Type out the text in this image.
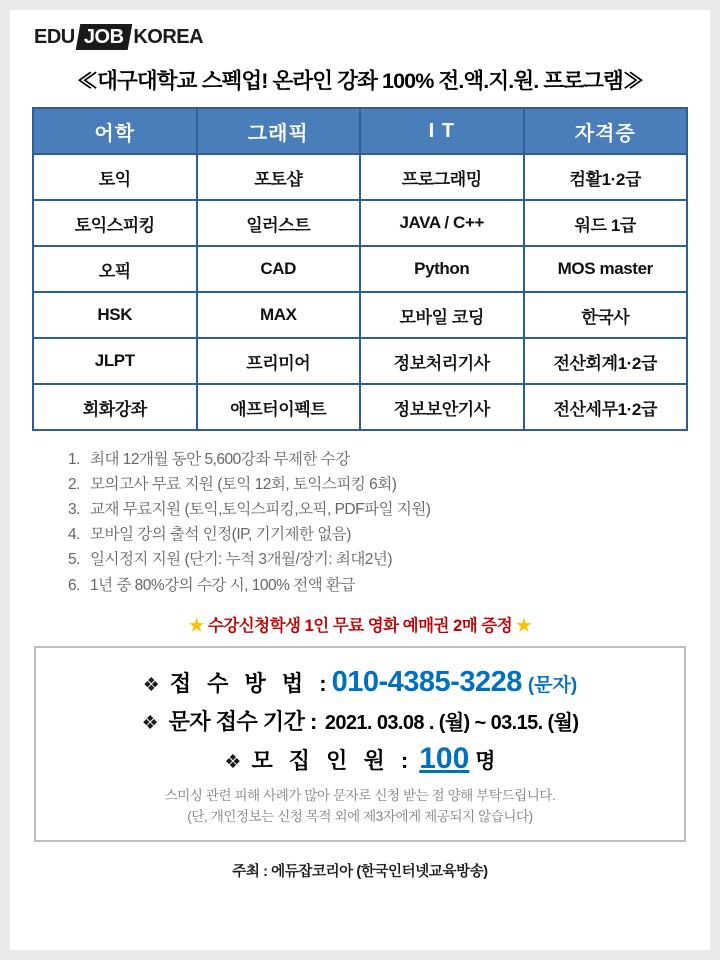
EDU JOB KOREA
≪대구대학교 스펙업! 온라인 강좌 100% 전.액.지.원. 프로그램≫
어학	그래픽	I T	자격증
토익	포토샵	프로그래밍	컴활1·2급
토익스피킹	일러스트	JAVA / C++	워드 1급
오픽	CAD	Python	MOS master
HSK	MAX	모바일 코딩	한국사
JLPT	프리미어	정보처리기사	전산회계1·2급
회화강좌	애프터이펙트	정보보안기사	전산세무1·2급
최대 12개월 동안 5,600강좌 무제한 수강
모의고사 무료 지원 (토익 12회, 토익스피킹 6회)
교재 무료지원 (토익,토익스피킹,오픽, PDF파일 지원)
모바일 강의 출석 인정(IP, 기기제한 없음)
일시정지 지원 (단기: 누적 3개월/장기: 최대2년)
1년 중 80%강의 수강 시, 100% 전액 환급
★ 수강신청학생 1인 무료 영화 예매권 2매 증정 ★
❖ 접 수 방 법 : 010-4385-3228 (문자)
❖ 문자 접수 기간 : 2021. 03.08 . (월) ~ 03.15. (월)
❖ 모 집 인 원 : 100 명
스미싱 관련 피해 사례가 많아 문자로 신청 받는 점 양해 부탁드립니다.
(단, 개인정보는 신청 목적 외에 제3자에게 제공되지 않습니다)
주최 : 에듀잡코리아 (한국인터넷교육방송)
